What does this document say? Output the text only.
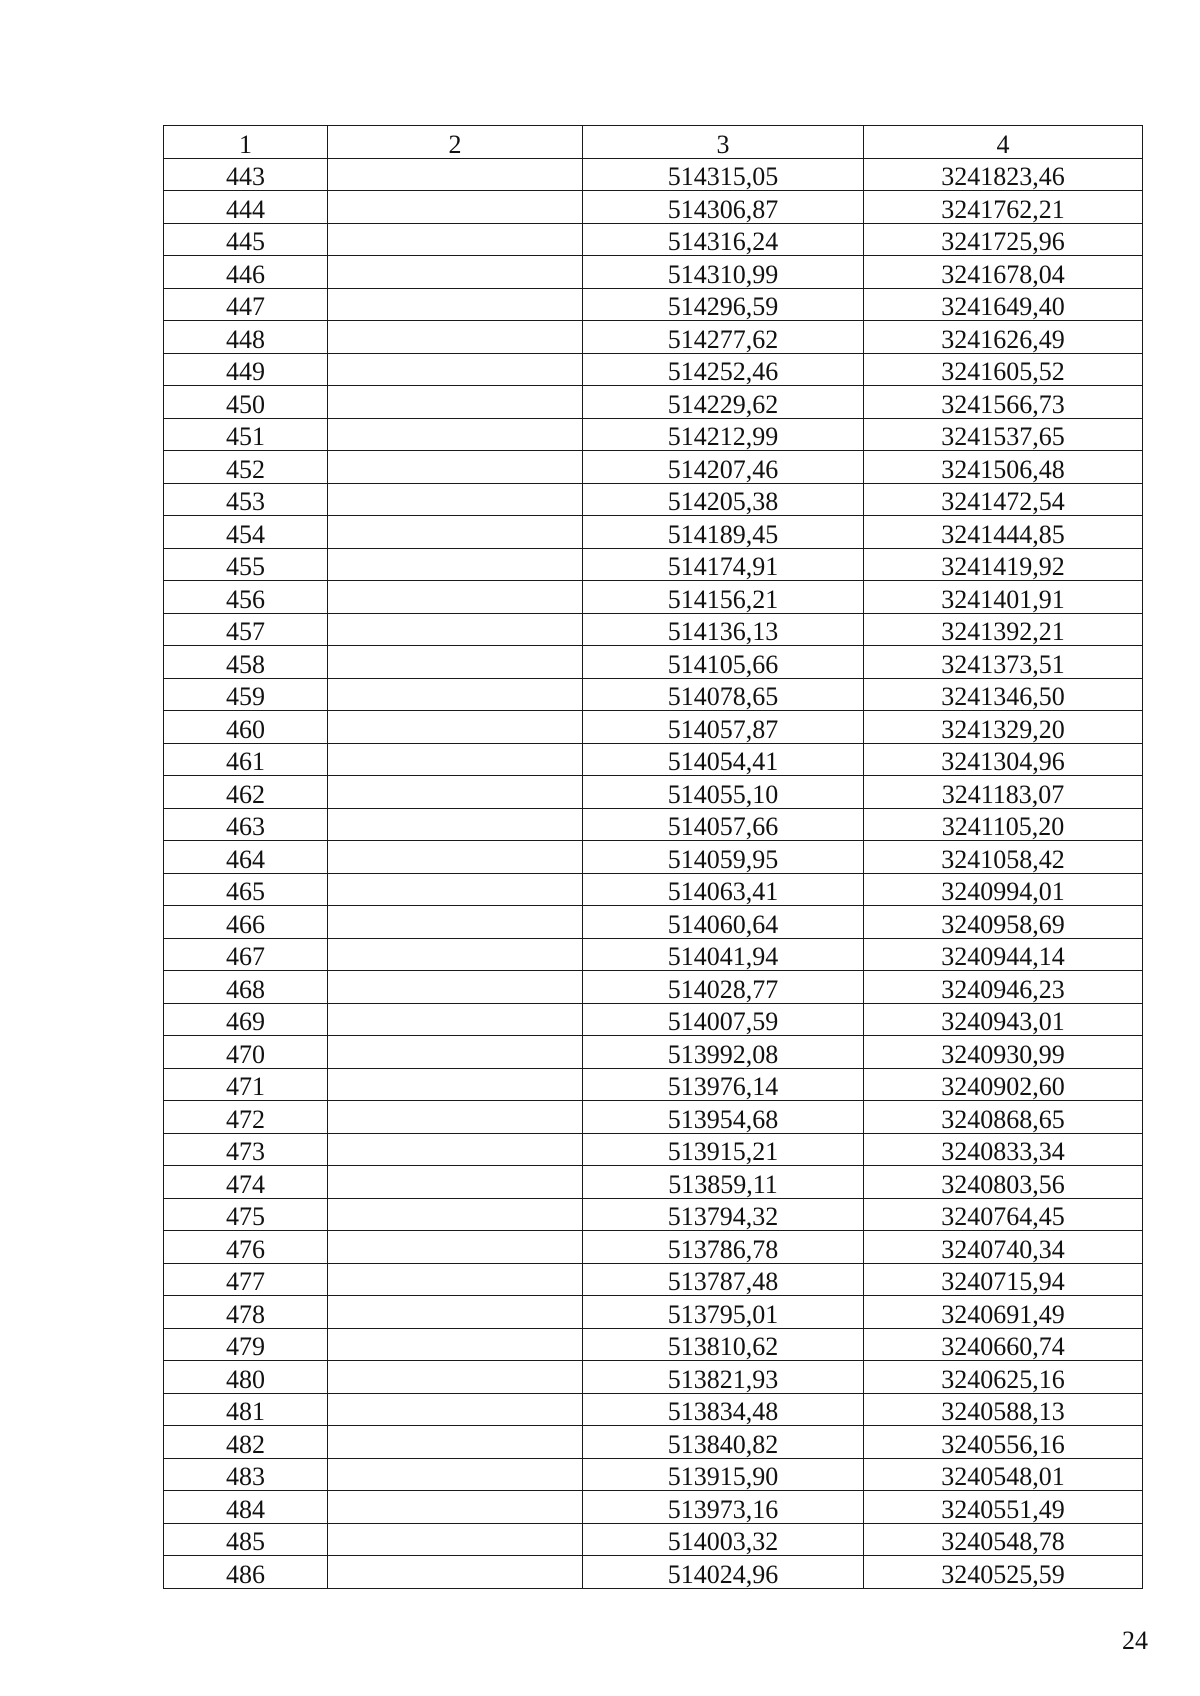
1	2	3	4
443		514315,05	3241823,46
444		514306,87	3241762,21
445		514316,24	3241725,96
446		514310,99	3241678,04
447		514296,59	3241649,40
448		514277,62	3241626,49
449		514252,46	3241605,52
450		514229,62	3241566,73
451		514212,99	3241537,65
452		514207,46	3241506,48
453		514205,38	3241472,54
454		514189,45	3241444,85
455		514174,91	3241419,92
456		514156,21	3241401,91
457		514136,13	3241392,21
458		514105,66	3241373,51
459		514078,65	3241346,50
460		514057,87	3241329,20
461		514054,41	3241304,96
462		514055,10	3241183,07
463		514057,66	3241105,20
464		514059,95	3241058,42
465		514063,41	3240994,01
466		514060,64	3240958,69
467		514041,94	3240944,14
468		514028,77	3240946,23
469		514007,59	3240943,01
470		513992,08	3240930,99
471		513976,14	3240902,60
472		513954,68	3240868,65
473		513915,21	3240833,34
474		513859,11	3240803,56
475		513794,32	3240764,45
476		513786,78	3240740,34
477		513787,48	3240715,94
478		513795,01	3240691,49
479		513810,62	3240660,74
480		513821,93	3240625,16
481		513834,48	3240588,13
482		513840,82	3240556,16
483		513915,90	3240548,01
484		513973,16	3240551,49
485		514003,32	3240548,78
486		514024,96	3240525,59
24
